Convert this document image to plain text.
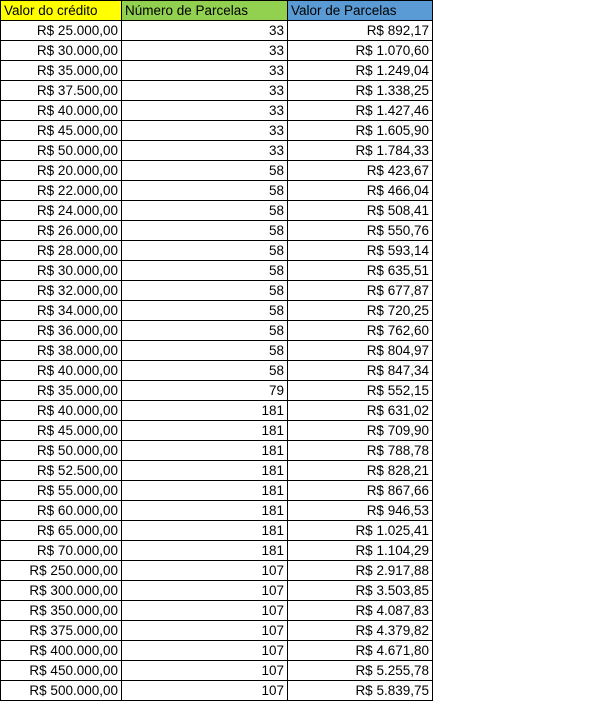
Valor do crédito	Número de Parcelas	Valor de Parcelas
R$ 25.000,00	33	R$ 892,17
R$ 30.000,00	33	R$ 1.070,60
R$ 35.000,00	33	R$ 1.249,04
R$ 37.500,00	33	R$ 1.338,25
R$ 40.000,00	33	R$ 1.427,46
R$ 45.000,00	33	R$ 1.605,90
R$ 50.000,00	33	R$ 1.784,33
R$ 20.000,00	58	R$ 423,67
R$ 22.000,00	58	R$ 466,04
R$ 24.000,00	58	R$ 508,41
R$ 26.000,00	58	R$ 550,76
R$ 28.000,00	58	R$ 593,14
R$ 30.000,00	58	R$ 635,51
R$ 32.000,00	58	R$ 677,87
R$ 34.000,00	58	R$ 720,25
R$ 36.000,00	58	R$ 762,60
R$ 38.000,00	58	R$ 804,97
R$ 40.000,00	58	R$ 847,34
R$ 35.000,00	79	R$ 552,15
R$ 40.000,00	181	R$ 631,02
R$ 45.000,00	181	R$ 709,90
R$ 50.000,00	181	R$ 788,78
R$ 52.500,00	181	R$ 828,21
R$ 55.000,00	181	R$ 867,66
R$ 60.000,00	181	R$ 946,53
R$ 65.000,00	181	R$ 1.025,41
R$ 70.000,00	181	R$ 1.104,29
R$ 250.000,00	107	R$ 2.917,88
R$ 300.000,00	107	R$ 3.503,85
R$ 350.000,00	107	R$ 4.087,83
R$ 375.000,00	107	R$ 4.379,82
R$ 400.000,00	107	R$ 4.671,80
R$ 450.000,00	107	R$ 5.255,78
R$ 500.000,00	107	R$ 5.839,75
